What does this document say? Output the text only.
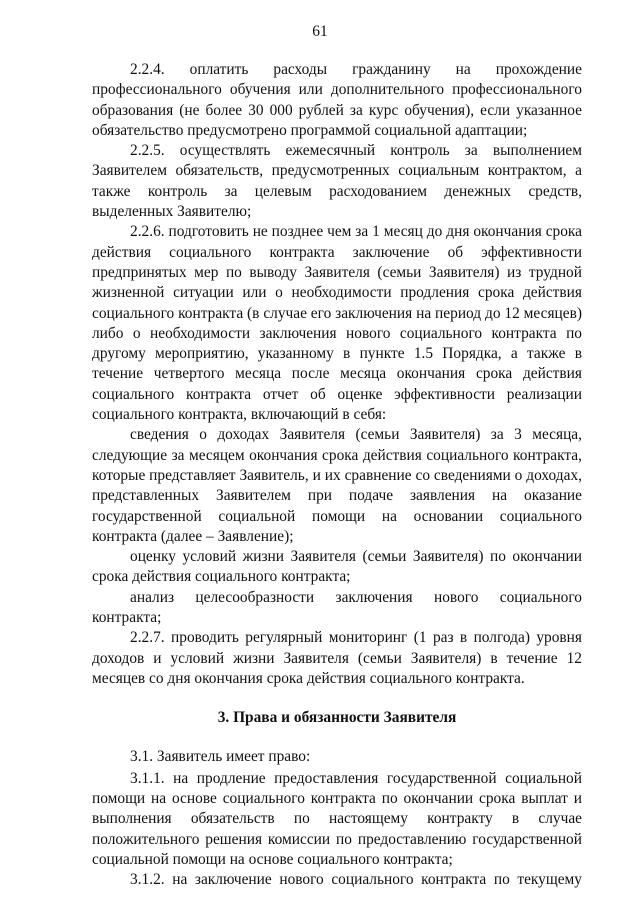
61

2.2.4. оплатить расходы гражданину на прохождение профессионального обучения или дополнительного профессионального образования (не более 30 000 рублей за курс обучения), если указанное обязательство предусмотрено программой социальной адаптации;

2.2.5. осуществлять ежемесячный контроль за выполнением Заявителем обязательств, предусмотренных социальным контрактом, а также контроль за целевым расходованием денежных средств, выделенных Заявителю;

2.2.6. подготовить не позднее чем за 1 месяц до дня окончания срока действия социального контракта заключение об эффективности предпринятых мер по выводу Заявителя (семьи Заявителя) из трудной жизненной ситуации или о необходимости продления срока действия социального контракта (в случае его заключения на период до 12 месяцев) либо о необходимости заключения нового социального контракта по другому мероприятию, указанному в пункте 1.5 Порядка, а также в течение четвертого месяца после месяца окончания срока действия социального контракта отчет об оценке эффективности реализации социального контракта, включающий в себя:

сведения о доходах Заявителя (семьи Заявителя) за 3 месяца, следующие за месяцем окончания срока действия социального контракта, которые представляет Заявитель, и их сравнение со сведениями о доходах, представленных Заявителем при подаче заявления на оказание государственной социальной помощи на основании социального контракта (далее – Заявление);

оценку условий жизни Заявителя (семьи Заявителя) по окончании срока действия социального контракта;

анализ целесообразности заключения нового социального контракта;

2.2.7. проводить регулярный мониторинг (1 раз в полгода) уровня доходов и условий жизни Заявителя (семьи Заявителя) в течение 12 месяцев со дня окончания срока действия социального контракта.

3. Права и обязанности Заявителя

3.1. Заявитель имеет право:

3.1.1. на продление предоставления государственной социальной помощи на основе социального контракта по окончании срока выплат и выполнения обязательств по настоящему контракту в случае положительного решения комиссии по предоставлению государственной социальной помощи на основе социального контракта;

3.1.2. на заключение нового социального контракта по текущему
